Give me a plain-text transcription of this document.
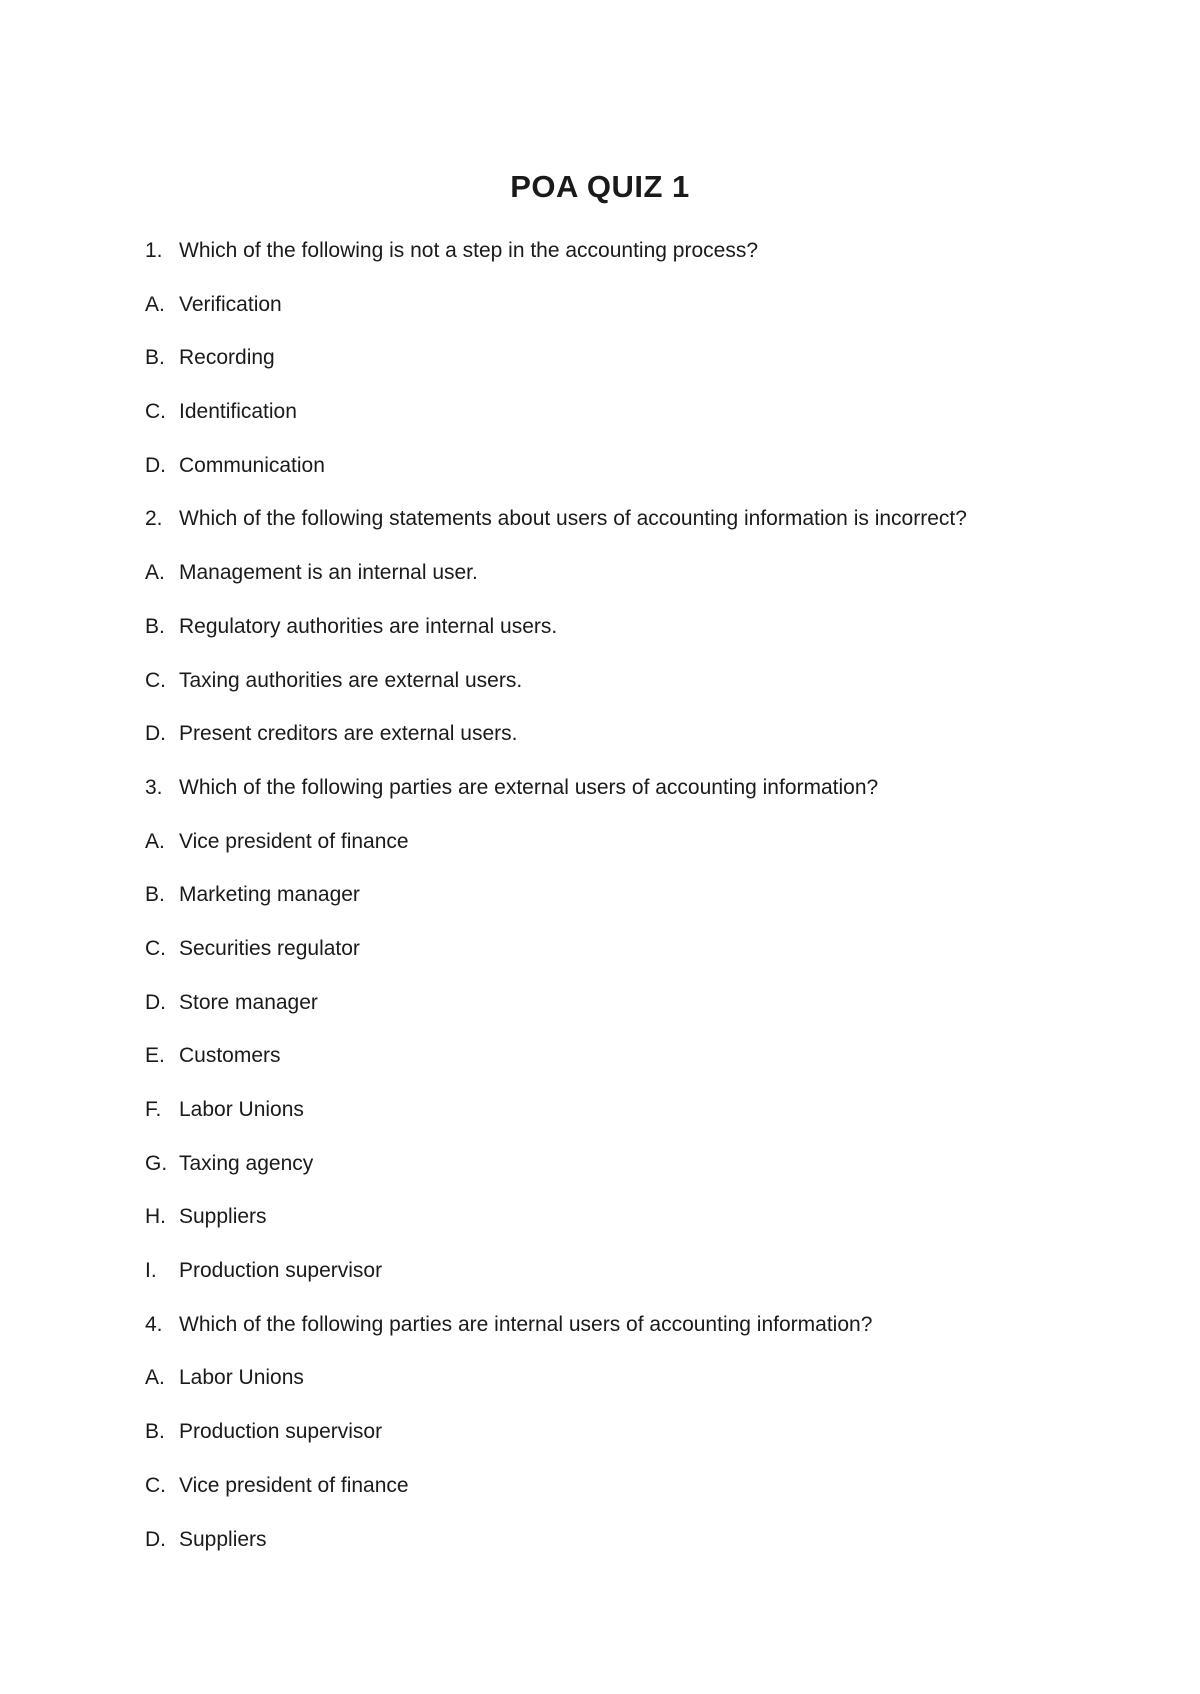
POA QUIZ 1
1. Which of the following is not a step in the accounting process?
A. Verification
B. Recording
C. Identification
D. Communication
2. Which of the following statements about users of accounting information is incorrect?
A. Management is an internal user.
B. Regulatory authorities are internal users.
C. Taxing authorities are external users.
D. Present creditors are external users.
3. Which of the following parties are external users of accounting information?
A. Vice president of finance
B. Marketing manager
C. Securities regulator
D. Store manager
E. Customers
F. Labor Unions
G. Taxing agency
H. Suppliers
I.	Production supervisor
4. Which of the following parties are internal users of accounting information?
A. Labor Unions
B. Production supervisor
C. Vice president of finance
D. Suppliers
